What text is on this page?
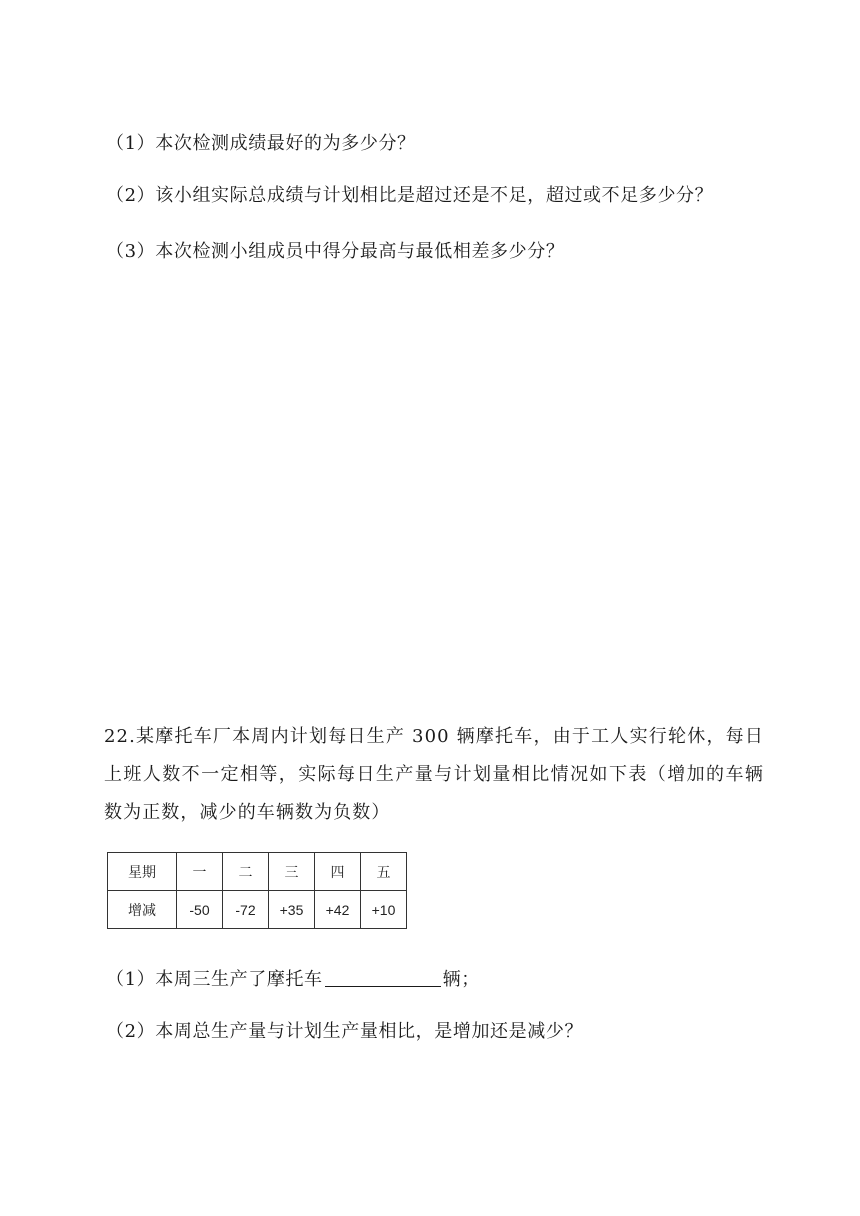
（1）本次检测成绩最好的为多少分？
（2）该小组实际总成绩与计划相比是超过还是不足，超过或不足多少分？
（3）本次检测小组成员中得分最高与最低相差多少分？
22.某摩托车厂本周内计划每日生产 300 辆摩托车，由于工人实行轮休，每日上班人数不一定相等，实际每日生产量与计划量相比情况如下表（增加的车辆数为正数，减少的车辆数为负数）
星期	一	二	三	四	五
增减	-50	-72	+35	+42	+10
（1）本周三生产了摩托车	辆；
（2）本周总生产量与计划生产量相比，是增加还是减少？
